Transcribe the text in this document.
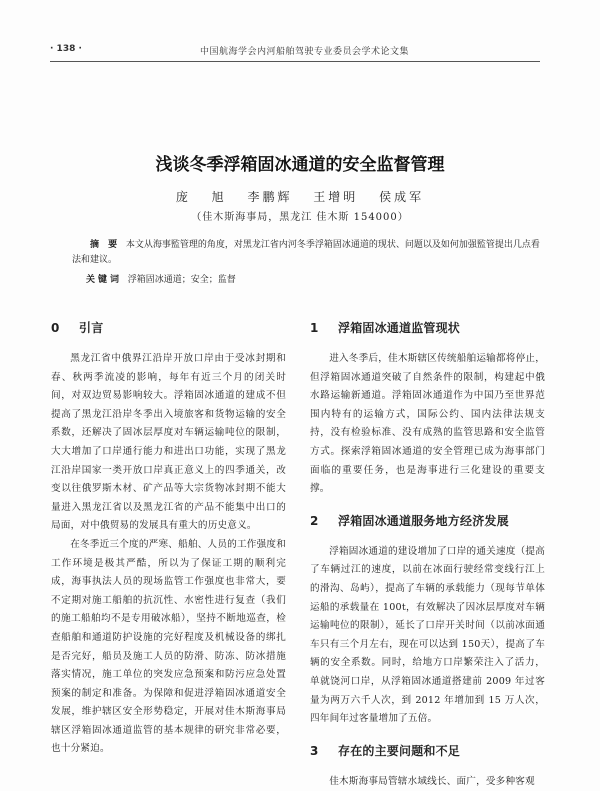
· 138 ·	中国航海学会内河船舶驾驶专业委员会学术论文集
浅谈冬季浮箱固冰通道的安全监督管理
庞 旭 李鹏辉 王增明 侯成军
（佳木斯海事局，黑龙江 佳木斯 154000）
摘 要 本文从海事監管理的角度，对黑龙江省内河冬季浮箱固冰通道的现状、问题以及如何加强監管提出几点看法和建议。
关键词 浮箱固冰通道；安全；监督
0 引言

黑龙江省中俄界江沿岸开放口岸由于受冰封期和春、秋两季流凌的影响，每年有近三个月的闭关时间，对双边贸易影响较大。浮箱固冰通道的建成不但提高了黑龙江沿岸冬季出入境旅客和货物运输的安全系数，还解决了固冰层厚度对车辆运输吨位的限制，大大增加了口岸通行能力和进出口功能，实现了黑龙江沿岸国家一类开放口岸真正意义上的四季通关，改变以往俄罗斯木材、矿产品等大宗货物冰封期不能大量进入黑龙江省以及黑龙江省的产品不能集中出口的局面，对中俄贸易的发展具有重大的历史意义。

在冬季近三个度的严寒、船舶、人员的工作强度和工作环境是极其严酷，所以为了保证工期的顺利完成，海事执法人员的现场监管工作强度也非常大，要不定期对施工船舶的抗沉性、水密性进行复查（我们的施工船舶均不是专用破冰船），坚持不断地巡查，检查船舶和通道防护设施的完好程度及机械设备的绑扎是否完好，船员及施工人员的防滑、防冻、防冰措施落实情况，施工单位的突发应急预案和防污应急处置预案的制定和准备。为保障和促进浮箱固冰通道安全发展，维护辖区安全形势稳定，开展对佳木斯海事局辖区浮箱固冰通道监管的基本规律的研究非常必要，也十分紧迫。

1 浮箱固冰通道监管现状

进入冬季后，佳木斯辖区传统船舶运输都将停止，但浮箱固冰通道突破了自然条件的限制，构建起中俄水路运输新通道。浮箱固冰通道作为中国乃至世界范围内特有的运输方式，国际公约、国内法律法规支持，没有检验标准、没有成熟的监管思路和安全监管方式。探索浮箱固冰通道的安全管理已成为海事部门面临的重要任务，也是海事进行三化建设的重要支撑。

2 浮箱固冰通道服务地方经济发展

浮箱固冰通道的建设增加了口岸的通关速度（提高了车辆过江的速度，以前在冰面行驶经常变线行江上的滑沟、岛屿），提高了车辆的承载能力（现每节单体运船的承载量在 100t，有效解决了因冰层厚度对车辆运输吨位的限制），延长了口岸开关时间（以前冰面通车只有三个月左右，现在可以达到 150天），提高了车辆的安全系数。同时，给地方口岸繁荣注入了活力，单就饶河口岸，从浮箱固冰通道搭建前 2009 年过客量为两万六千人次，到 2012 年增加到 15 万人次，四年间年过客量增加了五倍。

3 存在的主要问题和不足

佳木斯海事局管辖水域线长、面广，受多种客观
